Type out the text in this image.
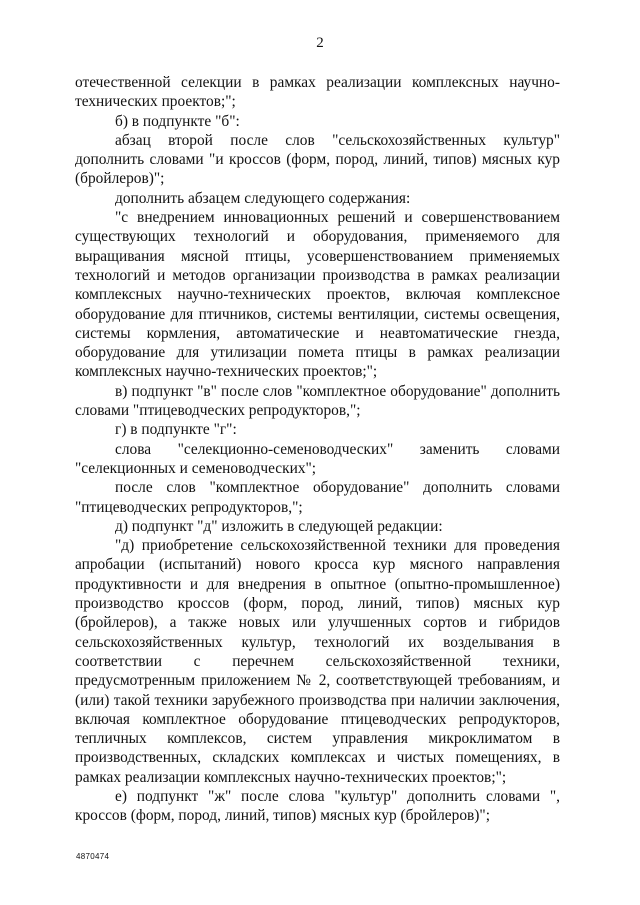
2

отечественной селекции в рамках реализации комплексных научно-технических проектов;";

б) в подпункте "б":

абзац второй после слов "сельскохозяйственных культур" дополнить словами "и кроссов (форм, пород, линий, типов) мясных кур (бройлеров)";

дополнить абзацем следующего содержания:

"с внедрением инновационных решений и совершенствованием существующих технологий и оборудования, применяемого для выращивания мясной птицы, усовершенствованием применяемых технологий и методов организации производства в рамках реализации комплексных научно-технических проектов, включая комплексное оборудование для птичников, системы вентиляции, системы освещения, системы кормления, автоматические и неавтоматические гнезда, оборудование для утилизации помета птицы в рамках реализации комплексных научно-технических проектов;";

в) подпункт "в" после слов "комплектное оборудование" дополнить словами "птицеводческих репродукторов,";

г) в подпункте "г":

слова "селекционно-семеноводческих" заменить словами "селекционных и семеноводческих";

после слов "комплектное оборудование" дополнить словами "птицеводческих репродукторов,";

д) подпункт "д" изложить в следующей редакции:

"д) приобретение сельскохозяйственной техники для проведения апробации (испытаний) нового кросса кур мясного направления продуктивности и для внедрения в опытное (опытно-промышленное) производство кроссов (форм, пород, линий, типов) мясных кур (бройлеров), а также новых или улучшенных сортов и гибридов сельскохозяйственных культур, технологий их возделывания в соответствии с перечнем сельскохозяйственной техники, предусмотренным приложением № 2, соответствующей требованиям, и (или) такой техники зарубежного производства при наличии заключения, включая комплектное оборудование птицеводческих репродукторов, тепличных комплексов, систем управления микроклиматом в производственных, складских комплексах и чистых помещениях, в рамках реализации комплексных научно-технических проектов;";

е) подпункт "ж" после слова "культур" дополнить словами ", кроссов (форм, пород, линий, типов) мясных кур (бройлеров)";

4870474
